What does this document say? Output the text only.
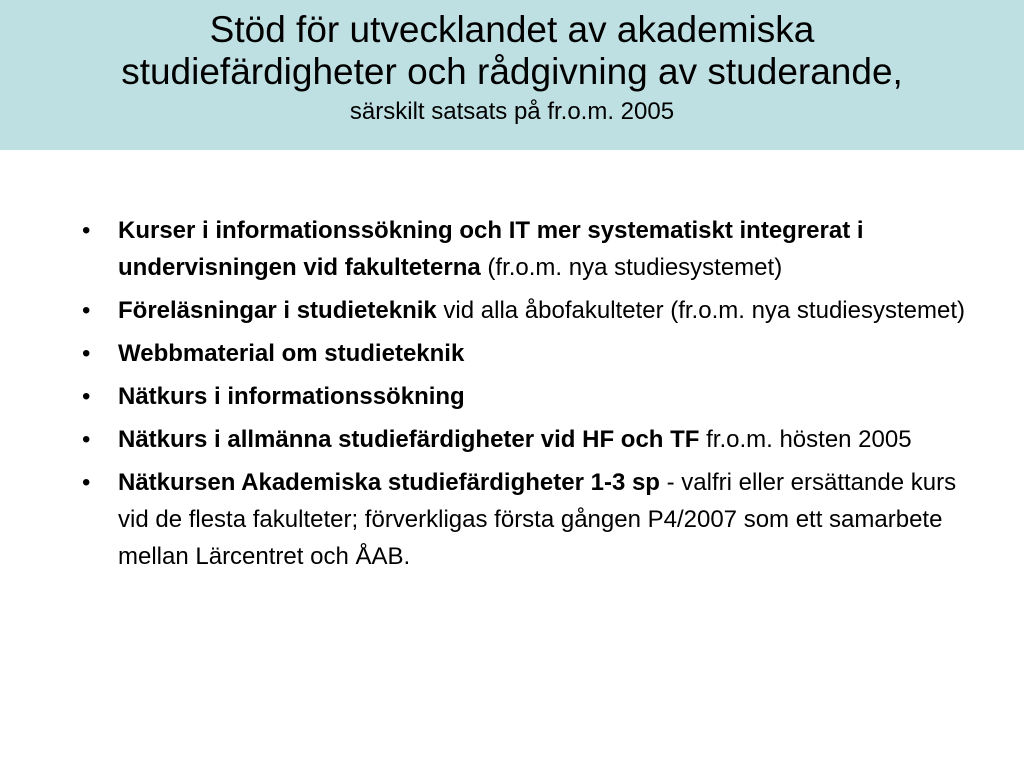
Stöd för utvecklandet av akademiska
studiefärdigheter och rådgivning av studerande,
särskilt satsats på fr.o.m. 2005
• Kurser i informationssökning och IT mer systematiskt integrerat i undervisningen vid fakulteterna (fr.o.m. nya studiesystemet)
• Föreläsningar i studieteknik vid alla åbofakulteter (fr.o.m. nya studiesystemet)
• Webbmaterial om studieteknik
• Nätkurs i informationssökning
• Nätkurs i allmänna studiefärdigheter vid HF och TF fr.o.m. hösten 2005
• Nätkursen Akademiska studiefärdigheter 1-3 sp - valfri eller ersättande kurs vid de flesta fakulteter; förverkligas första gången P4/2007 som ett samarbete mellan Lärcentret och ÅAB.
